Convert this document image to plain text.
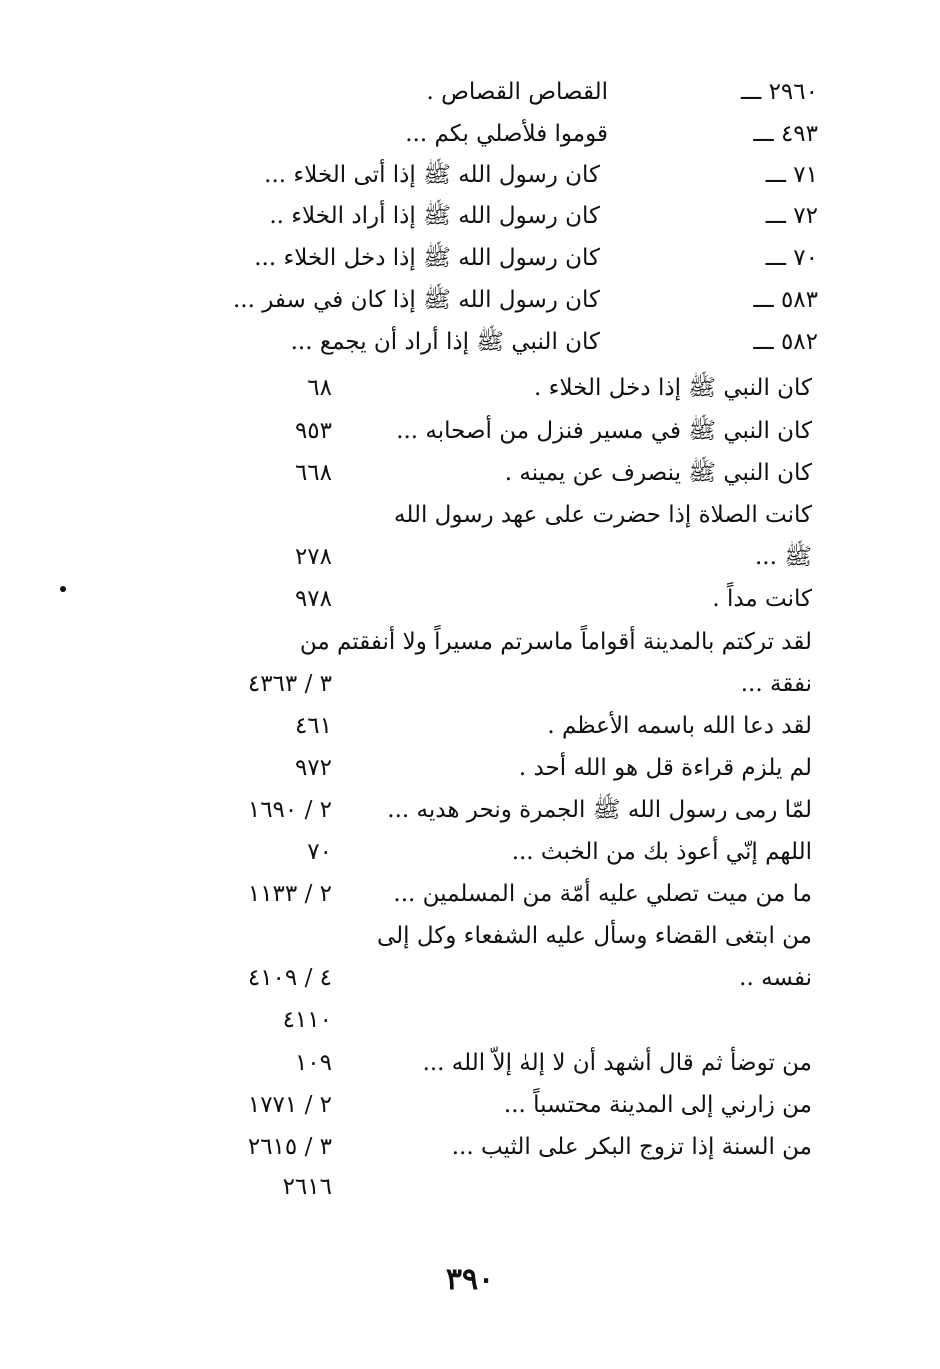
٢٩٦٠ ـــ
القصاص القصاص .
٤٩٣ ـــ
قوموا فلأصلي بكم ...
٧١ ـــ
كان رسول الله ﷺ إذا أتى الخلاء ...
٧٢ ـــ
كان رسول الله ﷺ إذا أراد الخلاء ..
٧٠ ـــ
كان رسول الله ﷺ إذا دخل الخلاء ...
٥٨٣ ـــ
كان رسول الله ﷺ إذا كان في سفر ...
٥٨٢ ـــ
كان النبي ﷺ إذا أراد أن يجمع ...
كان النبي ﷺ إذا دخل الخلاء .
٦٨
كان النبي ﷺ في مسير فنزل من أصحابه ...
٩٥٣
كان النبي ﷺ ينصرف عن يمينه .
٦٦٨
كانت الصلاة إذا حضرت على عهد رسول الله
ﷺ ...
٢٧٨
كانت مداً .
٩٧٨
لقد تركتم بالمدينة أقواماً ماسرتم مسيراً ولا أنفقتم من
نفقة ...
٣ / ٤٣٦٣
لقد دعا الله باسمه الأعظم .
٤٦١
لم يلزم قراءة قل هو الله أحد .
٩٧٢
لمّا رمى رسول الله ﷺ الجمرة ونحر هديه ...
٢ / ١٦٩٠
اللهم إنّي أعوذ بك من الخبث ...
٧٠
ما من ميت تصلي عليه أمّة من المسلمين ...
٢ / ١١٣٣
من ابتغى القضاء وسأل عليه الشفعاء وكل إلى
نفسه ..
٤ / ٤١٠٩
٤١١٠
من توضأ ثم قال أشهد أن لا إلهٰ إلاّ الله ...
١٠٩
من زارني إلى المدينة محتسباً ...
٢ / ١٧٧١
من السنة إذا تزوج البكر على الثيب ...
٣ / ٢٦١٥
٢٦١٦
٣٩٠
